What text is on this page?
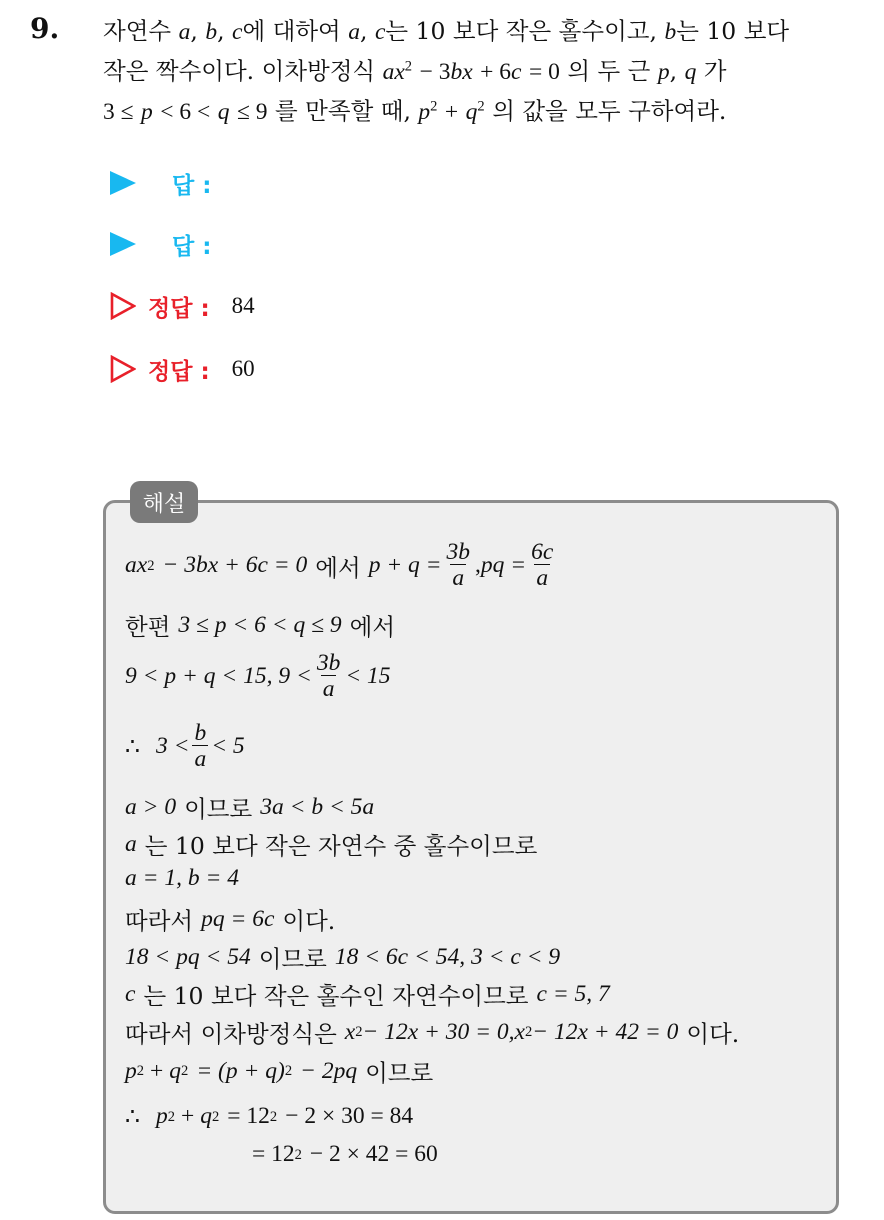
9. 자연수 a, b, c에 대하여 a, c는 10 보다 작은 홀수이고, b는 10 보다
작은 짝수이다. 이차방정식 $ax^2 - 3bx + 6c = 0$ 의 두 근 p, q 가
3 ≤ p < 6 < q ≤ 9 를 만족할 때, $p^2 + q^2$ 의 값을 모두 구하여라.
답 :
답 :
정답 : 84
정답 : 60
해설
ax 2 − 3bx + 6c = 0 에서 $p + q = \frac{3b}{a}$ , pq = $\frac{6c}{a}$
한편 3 ≤ p < 6 < q ≤ 9 에서
9 < p + q < 15, $9 < \frac{3b}{a} < 15$
∴ $3 < \frac{b}{a} < 5$
a > 0 이므로 3a < b < 5a
a 는 10 보다 작은 자연수 중 홀수이므로
a = 1, b = 4
따라서 pq = 6c 이다.
18 < pq < 54 이므로 18 < 6c < 54, 3 < c < 9
c 는 10 보다 작은 홀수인 자연수이므로 c = 5, 7
따라서 이차방정식은 x 2 − 12x + 30 = 0, x 2 − 12x + 42 = 0 이다.
p 2 + q 2 = (p + q) 2 − 2pq 이므로
∴ p 2 + q 2 = 12 2 − 2 × 30 = 84
= 12 2 − 2 × 42 = 60
